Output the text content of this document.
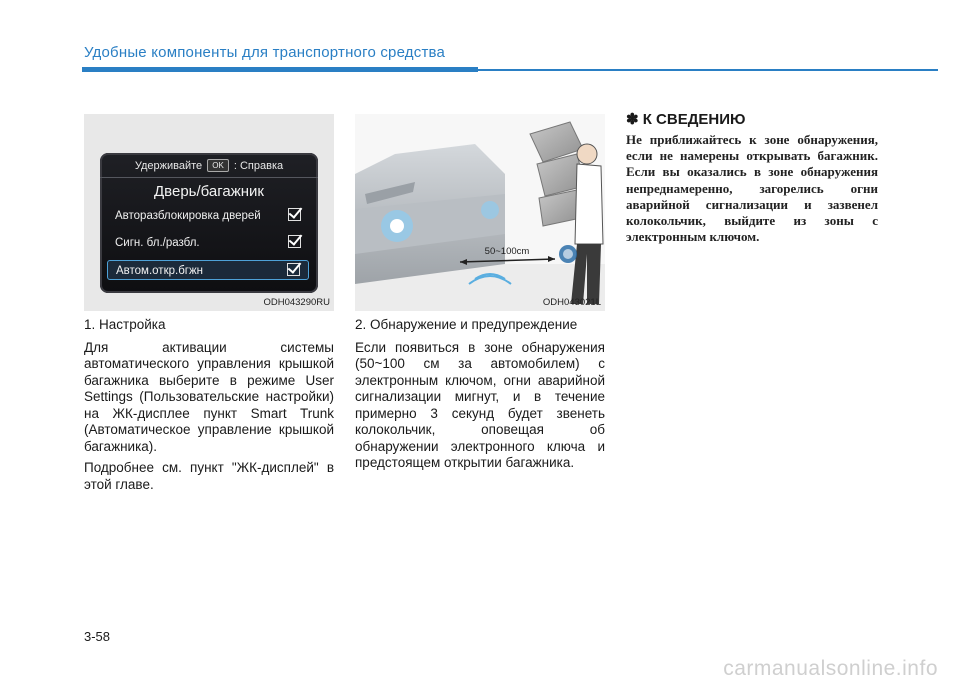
Удобные компоненты для транспортного средства
Удерживайте OK : Справка
Дверь/багажник
Авторазблокировка дверей
Сигн. бл./разбл.
Автом.откр.бгжн
ODH043290RU
50~100cm
ODH043021L
1. Настройка

Для активации системы автоматического управления крышкой багажника выберите в режиме User Settings (Пользовательские настройки) на ЖК-дисплее пункт Smart Trunk (Автоматическое управление крышкой багажника).

Подробнее см. пункт "ЖК-дисплей" в этой главе.

2. Обнаружение и предупреждение

Если появиться в зоне обнаружения (50~100 см за автомобилем) с электронным ключом, огни аварийной сигнализации мигнут, и в течение примерно 3 секунд будет звенеть колокольчик, оповещая об обнаружении электронного ключа и предстоящем открытии багажника.

✽ К СВЕДЕНИЮ
Не приближайтесь к зоне обнаружения, если не намерены открывать багажник. Если вы оказались в зоне обнаружения непреднамеренно, загорелись огни аварийной сигнализации и зазвенел колокольчик, выйдите из зоны с электронным ключом.
3-58
carmanualsonline.info
